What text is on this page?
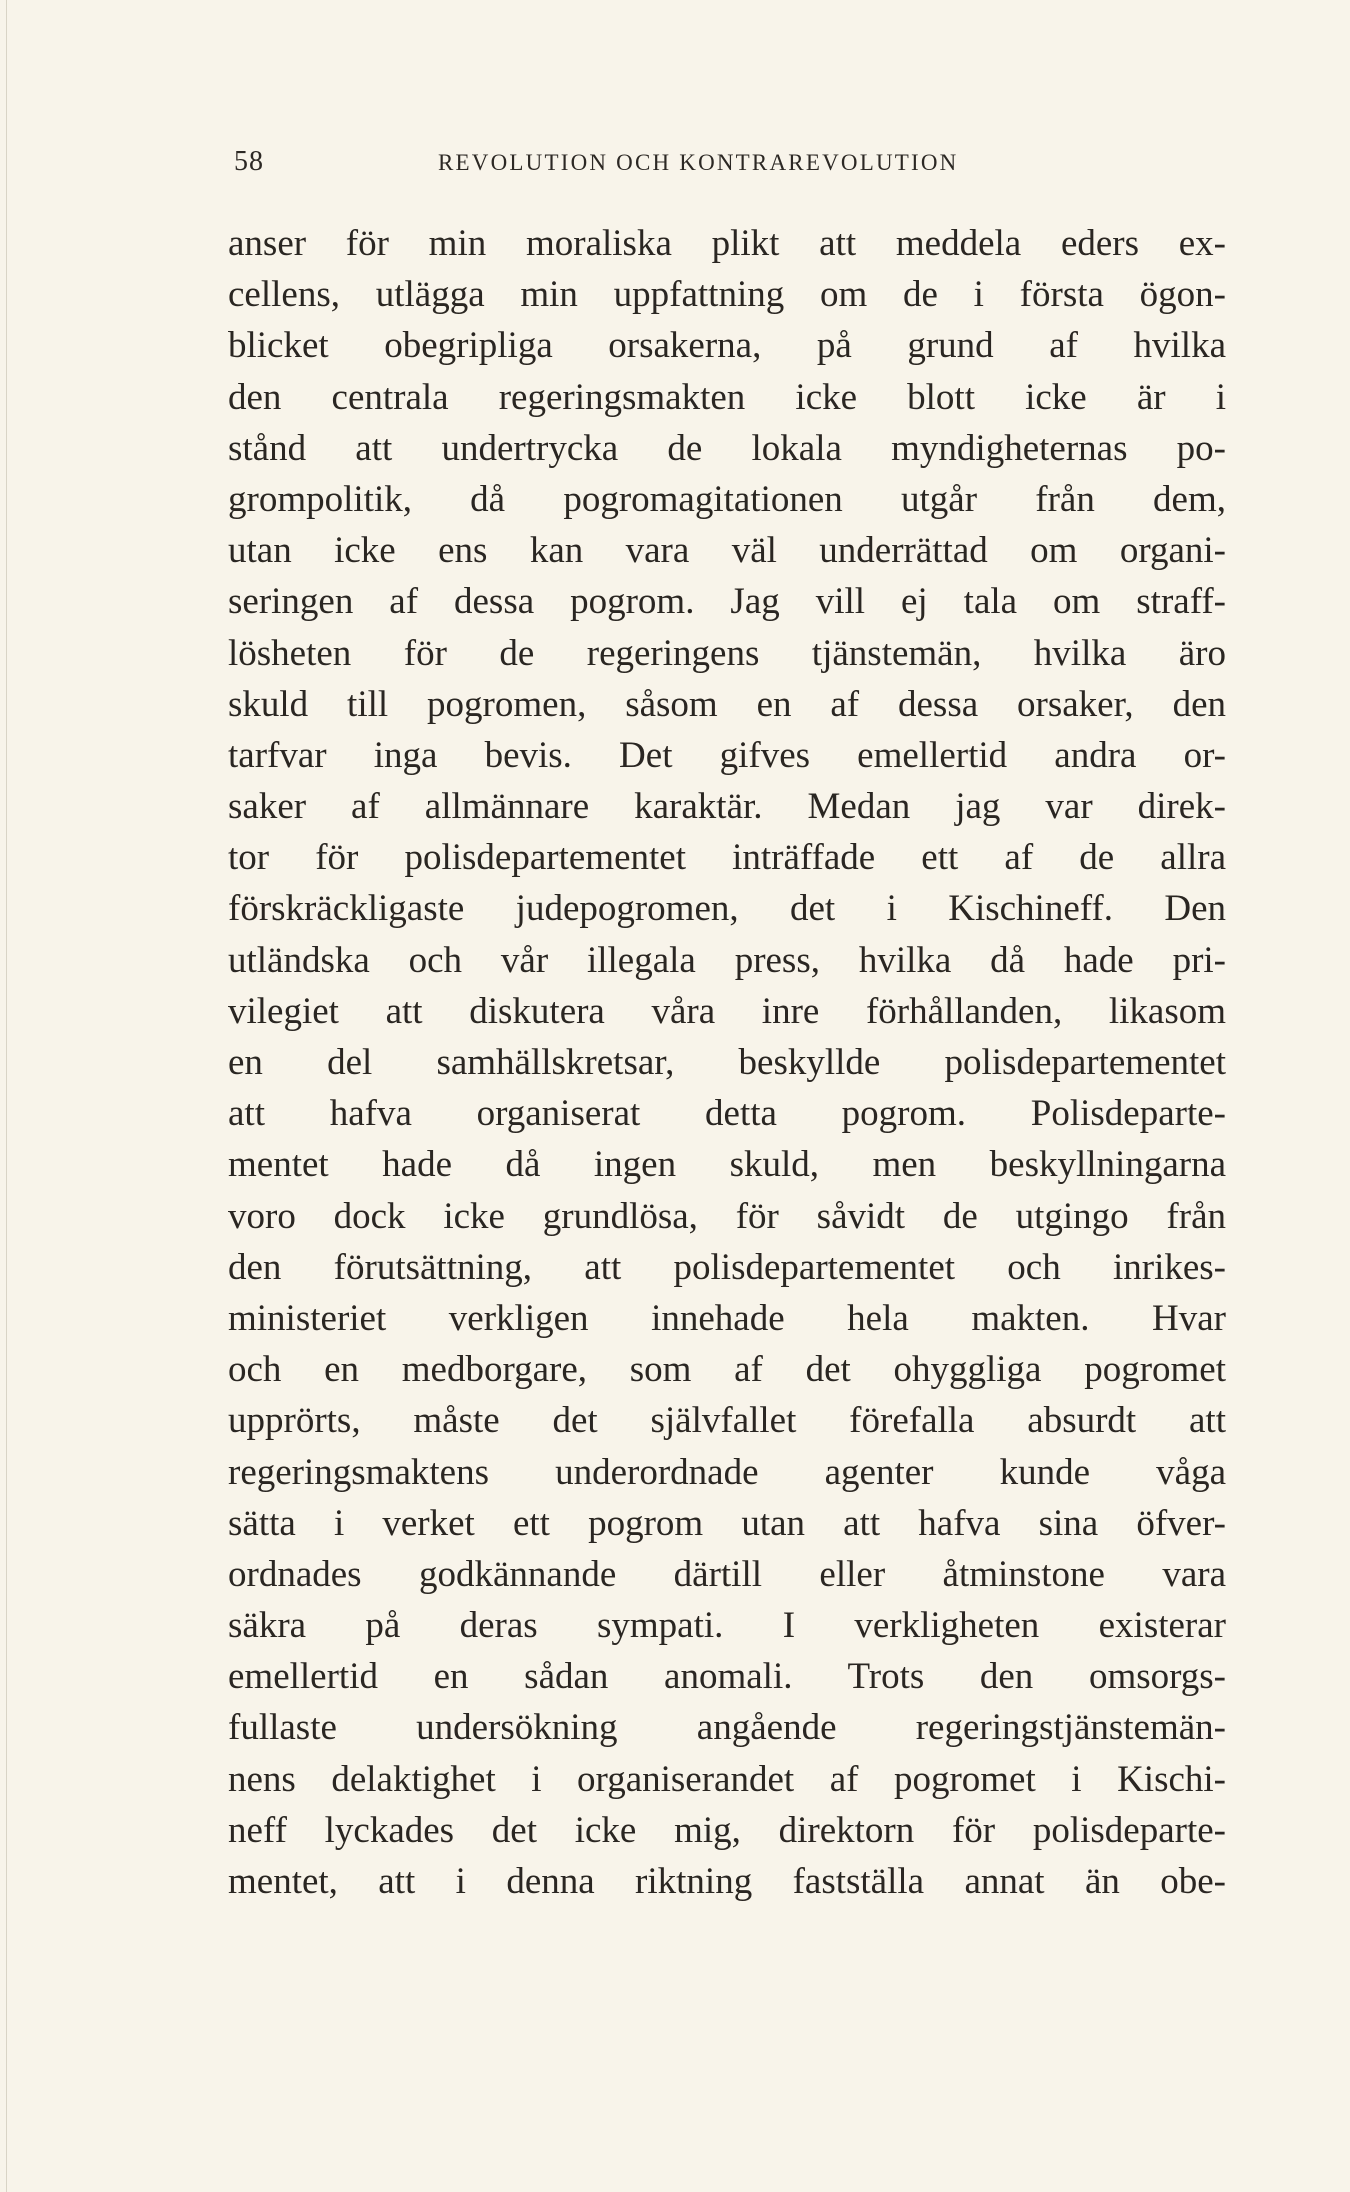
58	REVOLUTION OCH KONTRAREVOLUTION
anser för min moraliska plikt att meddela eders ex-
cellens, utlägga min uppfattning om de i första ögon-
blicket obegripliga orsakerna, på grund af hvilka
den centrala regeringsmakten icke blott icke är i
stånd att undertrycka de lokala myndigheternas po-
grompolitik, då pogromagitationen utgår från dem,
utan icke ens kan vara väl underrättad om organi-
seringen af dessa pogrom. Jag vill ej tala om straff-
lösheten för de regeringens tjänstemän, hvilka äro
skuld till pogromen, såsom en af dessa orsaker, den
tarfvar inga bevis. Det gifves emellertid andra or-
saker af allmännare karaktär. Medan jag var direk-
tor för polisdepartementet inträffade ett af de allra
förskräckligaste judepogromen, det i Kischineff. Den
utländska och vår illegala press, hvilka då hade pri-
vilegiet att diskutera våra inre förhållanden, likasom
en del samhällskretsar, beskyllde polisdepartementet
att hafva organiserat detta pogrom. Polisdeparte-
mentet hade då ingen skuld, men beskyllningarna
voro dock icke grundlösa, för såvidt de utgingo från
den förutsättning, att polisdepartementet och inrikes-
ministeriet verkligen innehade hela makten. Hvar
och en medborgare, som af det ohyggliga pogromet
upprörts, måste det självfallet förefalla absurdt att
regeringsmaktens underordnade agenter kunde våga
sätta i verket ett pogrom utan att hafva sina öfver-
ordnades godkännande därtill eller åtminstone vara
säkra på deras sympati. I verkligheten existerar
emellertid en sådan anomali. Trots den omsorgs-
fullaste undersökning angående regeringstjänstemän-
nens delaktighet i organiserandet af pogromet i Kischi-
neff lyckades det icke mig, direktorn för polisdeparte-
mentet, att i denna riktning fastställa annat än obe-
